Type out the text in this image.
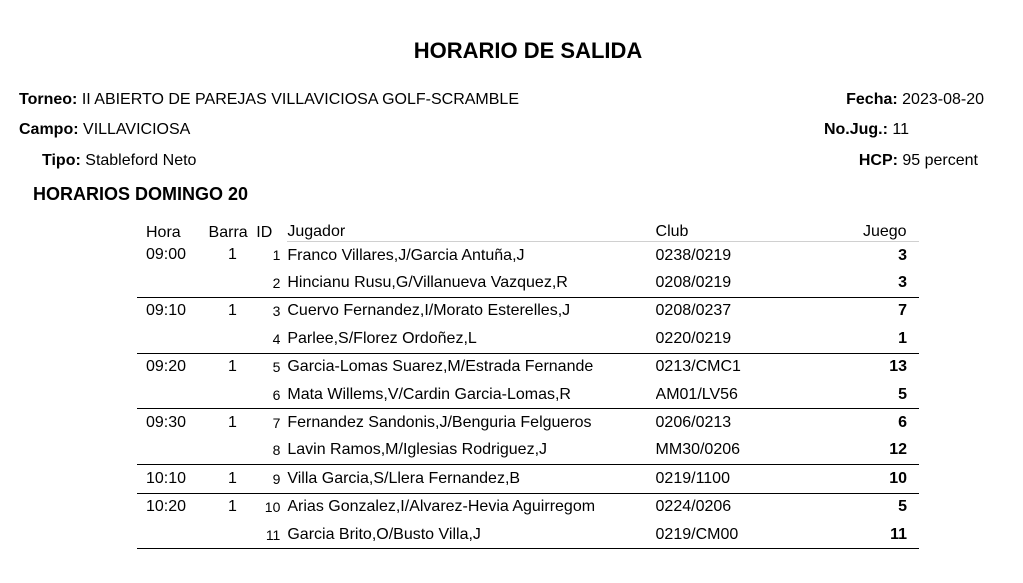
HORARIO DE SALIDA
Torneo: II ABIERTO DE PAREJAS VILLAVICIOSA GOLF-SCRAMBLE
Campo: VILLAVICIOSA
Tipo: Stableford Neto
Fecha: 2023-08-20
No.Jug.: 11
HCP: 95 percent
HORARIOS DOMINGO 20
Hora	Barra	ID	Jugador	Club	Juego
09:00	1	1	Franco Villares,J/Garcia Antuña,J	0238/0219	3
		2	Hincianu Rusu,G/Villanueva Vazquez,R	0208/0219	3
09:10	1	3	Cuervo Fernandez,I/Morato Esterelles,J	0208/0237	7
		4	Parlee,S/Florez Ordoñez,L	0220/0219	1
09:20	1	5	Garcia-Lomas Suarez,M/Estrada Fernande	0213/CMC1	13
		6	Mata Willems,V/Cardin Garcia-Lomas,R	AM01/LV56	5
09:30	1	7	Fernandez Sandonis,J/Benguria Felgueros	0206/0213	6
		8	Lavin Ramos,M/Iglesias Rodriguez,J	MM30/0206	12
10:10	1	9	Villa Garcia,S/Llera Fernandez,B	0219/1100	10
10:20	1	10	Arias Gonzalez,I/Alvarez-Hevia Aguirregom	0224/0206	5
		11	Garcia Brito,O/Busto Villa,J	0219/CM00	11
